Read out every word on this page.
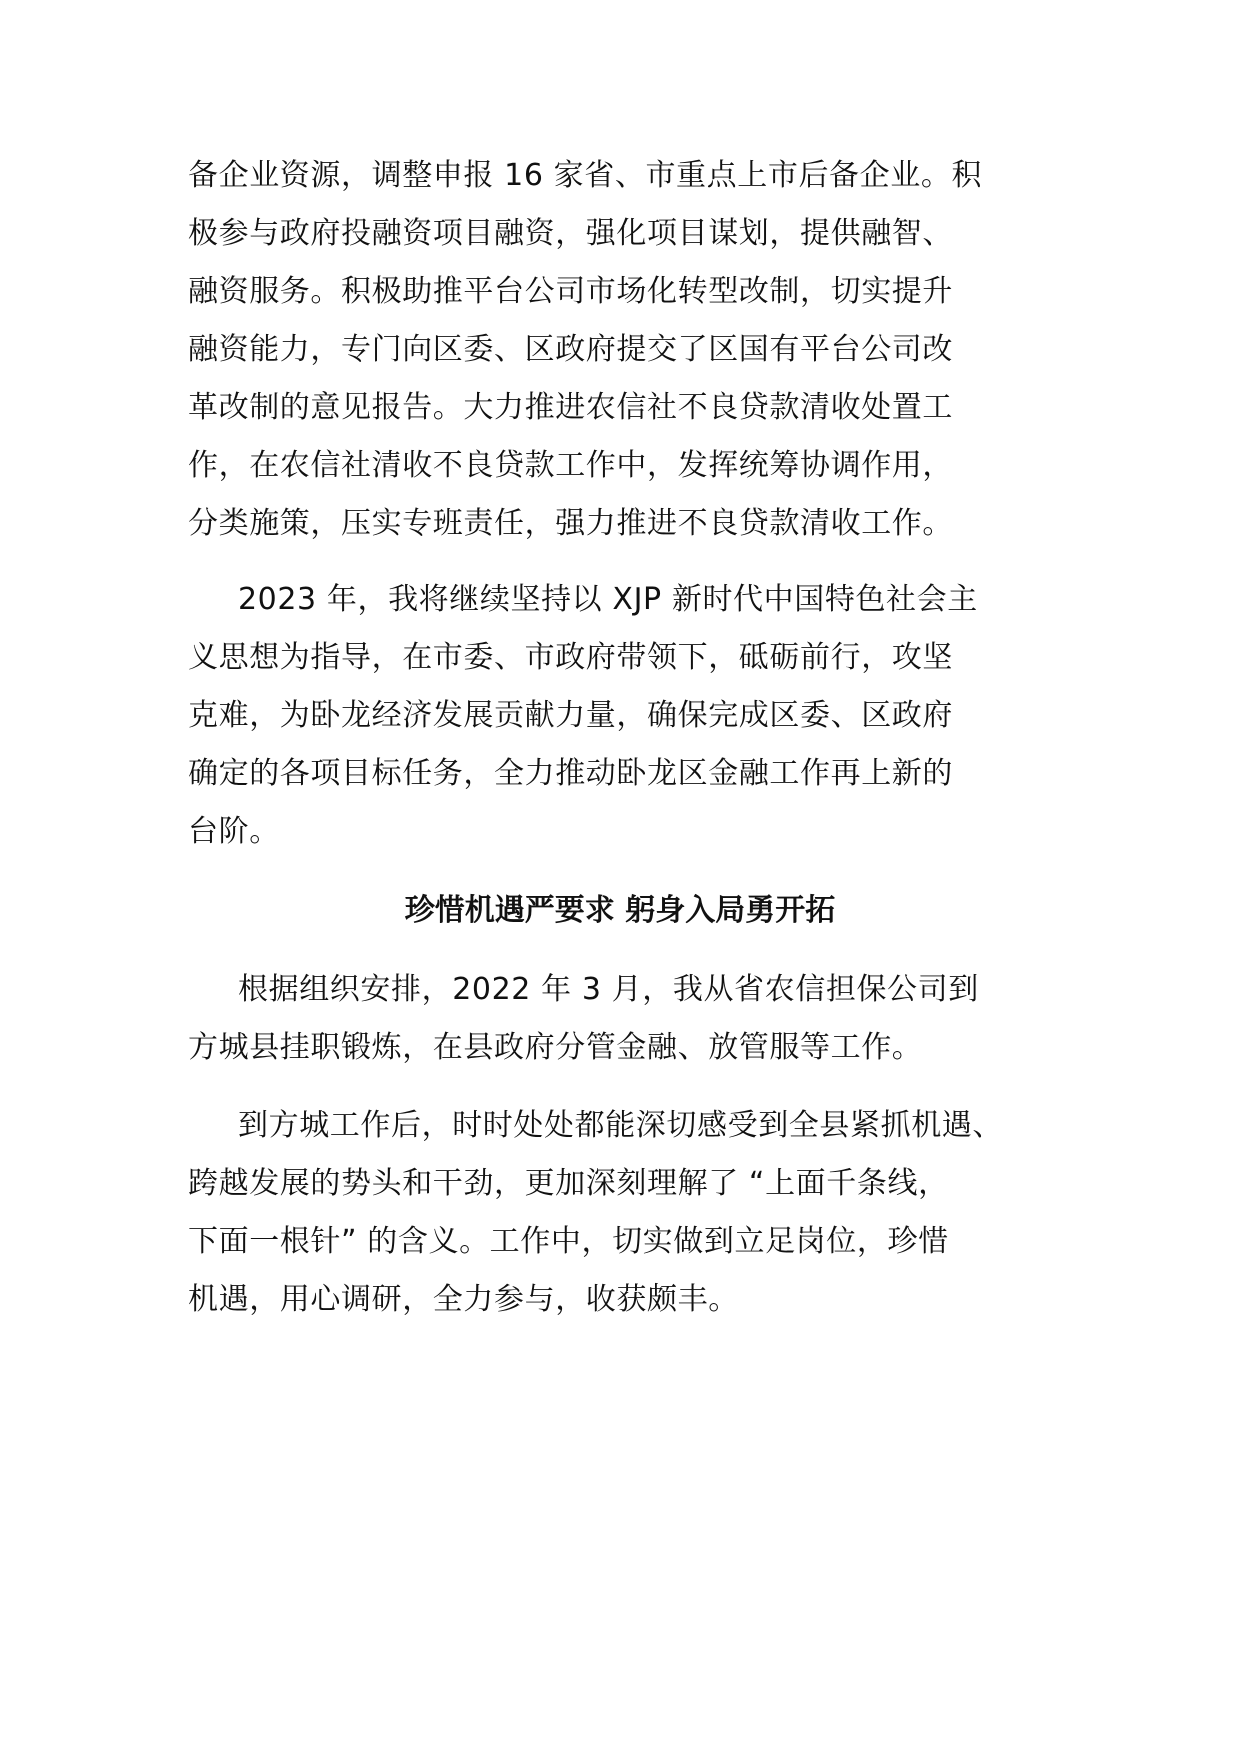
备企业资源，调整申报 16 家省、市重点上市后备企业。积
极参与政府投融资项目融资，强化项目谋划，提供融智、
融资服务。积极助推平台公司市场化转型改制，切实提升
融资能力，专门向区委、区政府提交了区国有平台公司改
革改制的意见报告。大力推进农信社不良贷款清收处置工
作，在农信社清收不良贷款工作中，发挥统筹协调作用，
分类施策，压实专班责任，强力推进不良贷款清收工作。
2023 年，我将继续坚持以 XJP 新时代中国特色社会主
义思想为指导，在市委、市政府带领下，砥砺前行，攻坚
克难，为卧龙经济发展贡献力量，确保完成区委、区政府
确定的各项目标任务，全力推动卧龙区金融工作再上新的
台阶。
珍惜机遇严要求 躬身入局勇开拓
根据组织安排，2022 年 3 月，我从省农信担保公司到
方城县挂职锻炼，在县政府分管金融、放管服等工作。
到方城工作后，时时处处都能深切感受到全县紧抓机遇、
跨越发展的势头和干劲，更加深刻理解了 “上面千条线，
下面一根针” 的含义。工作中，切实做到立足岗位，珍惜
机遇，用心调研，全力参与，收获颇丰。
